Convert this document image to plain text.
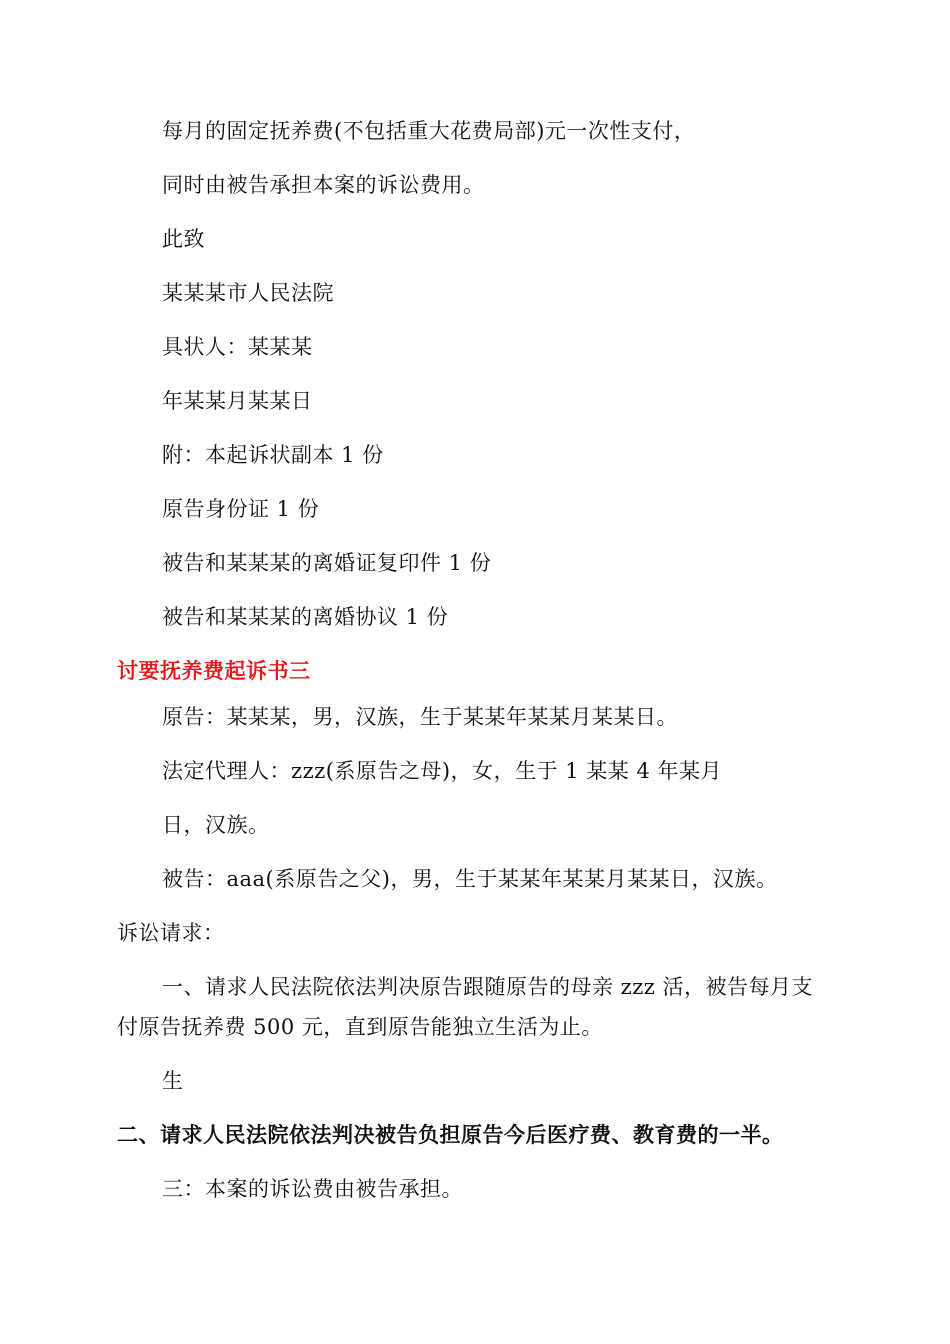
每月的固定抚养费(不包括重大花费局部)元一次性支付，
同时由被告承担本案的诉讼费用。
此致
某某某市人民法院
具状人：某某某
年某某月某某日
附：本起诉状副本 1 份
原告身份证 1 份
被告和某某某的离婚证复印件 1 份
被告和某某某的离婚协议 1 份
讨要抚养费起诉书三
原告：某某某，男，汉族，生于某某年某某月某某日。
法定代理人：zzz(系原告之母)，女，生于 1 某某 4 年某月
日，汉族。
被告：aaa(系原告之父)，男，生于某某年某某月某某日，汉族。
诉讼请求：
一、请求人民法院依法判决原告跟随原告的母亲 zzz 活，被告每月支
付原告抚养费 500 元，直到原告能独立生活为止。
生
二、请求人民法院依法判决被告负担原告今后医疗费、教育费的一半。
三：本案的诉讼费由被告承担。
